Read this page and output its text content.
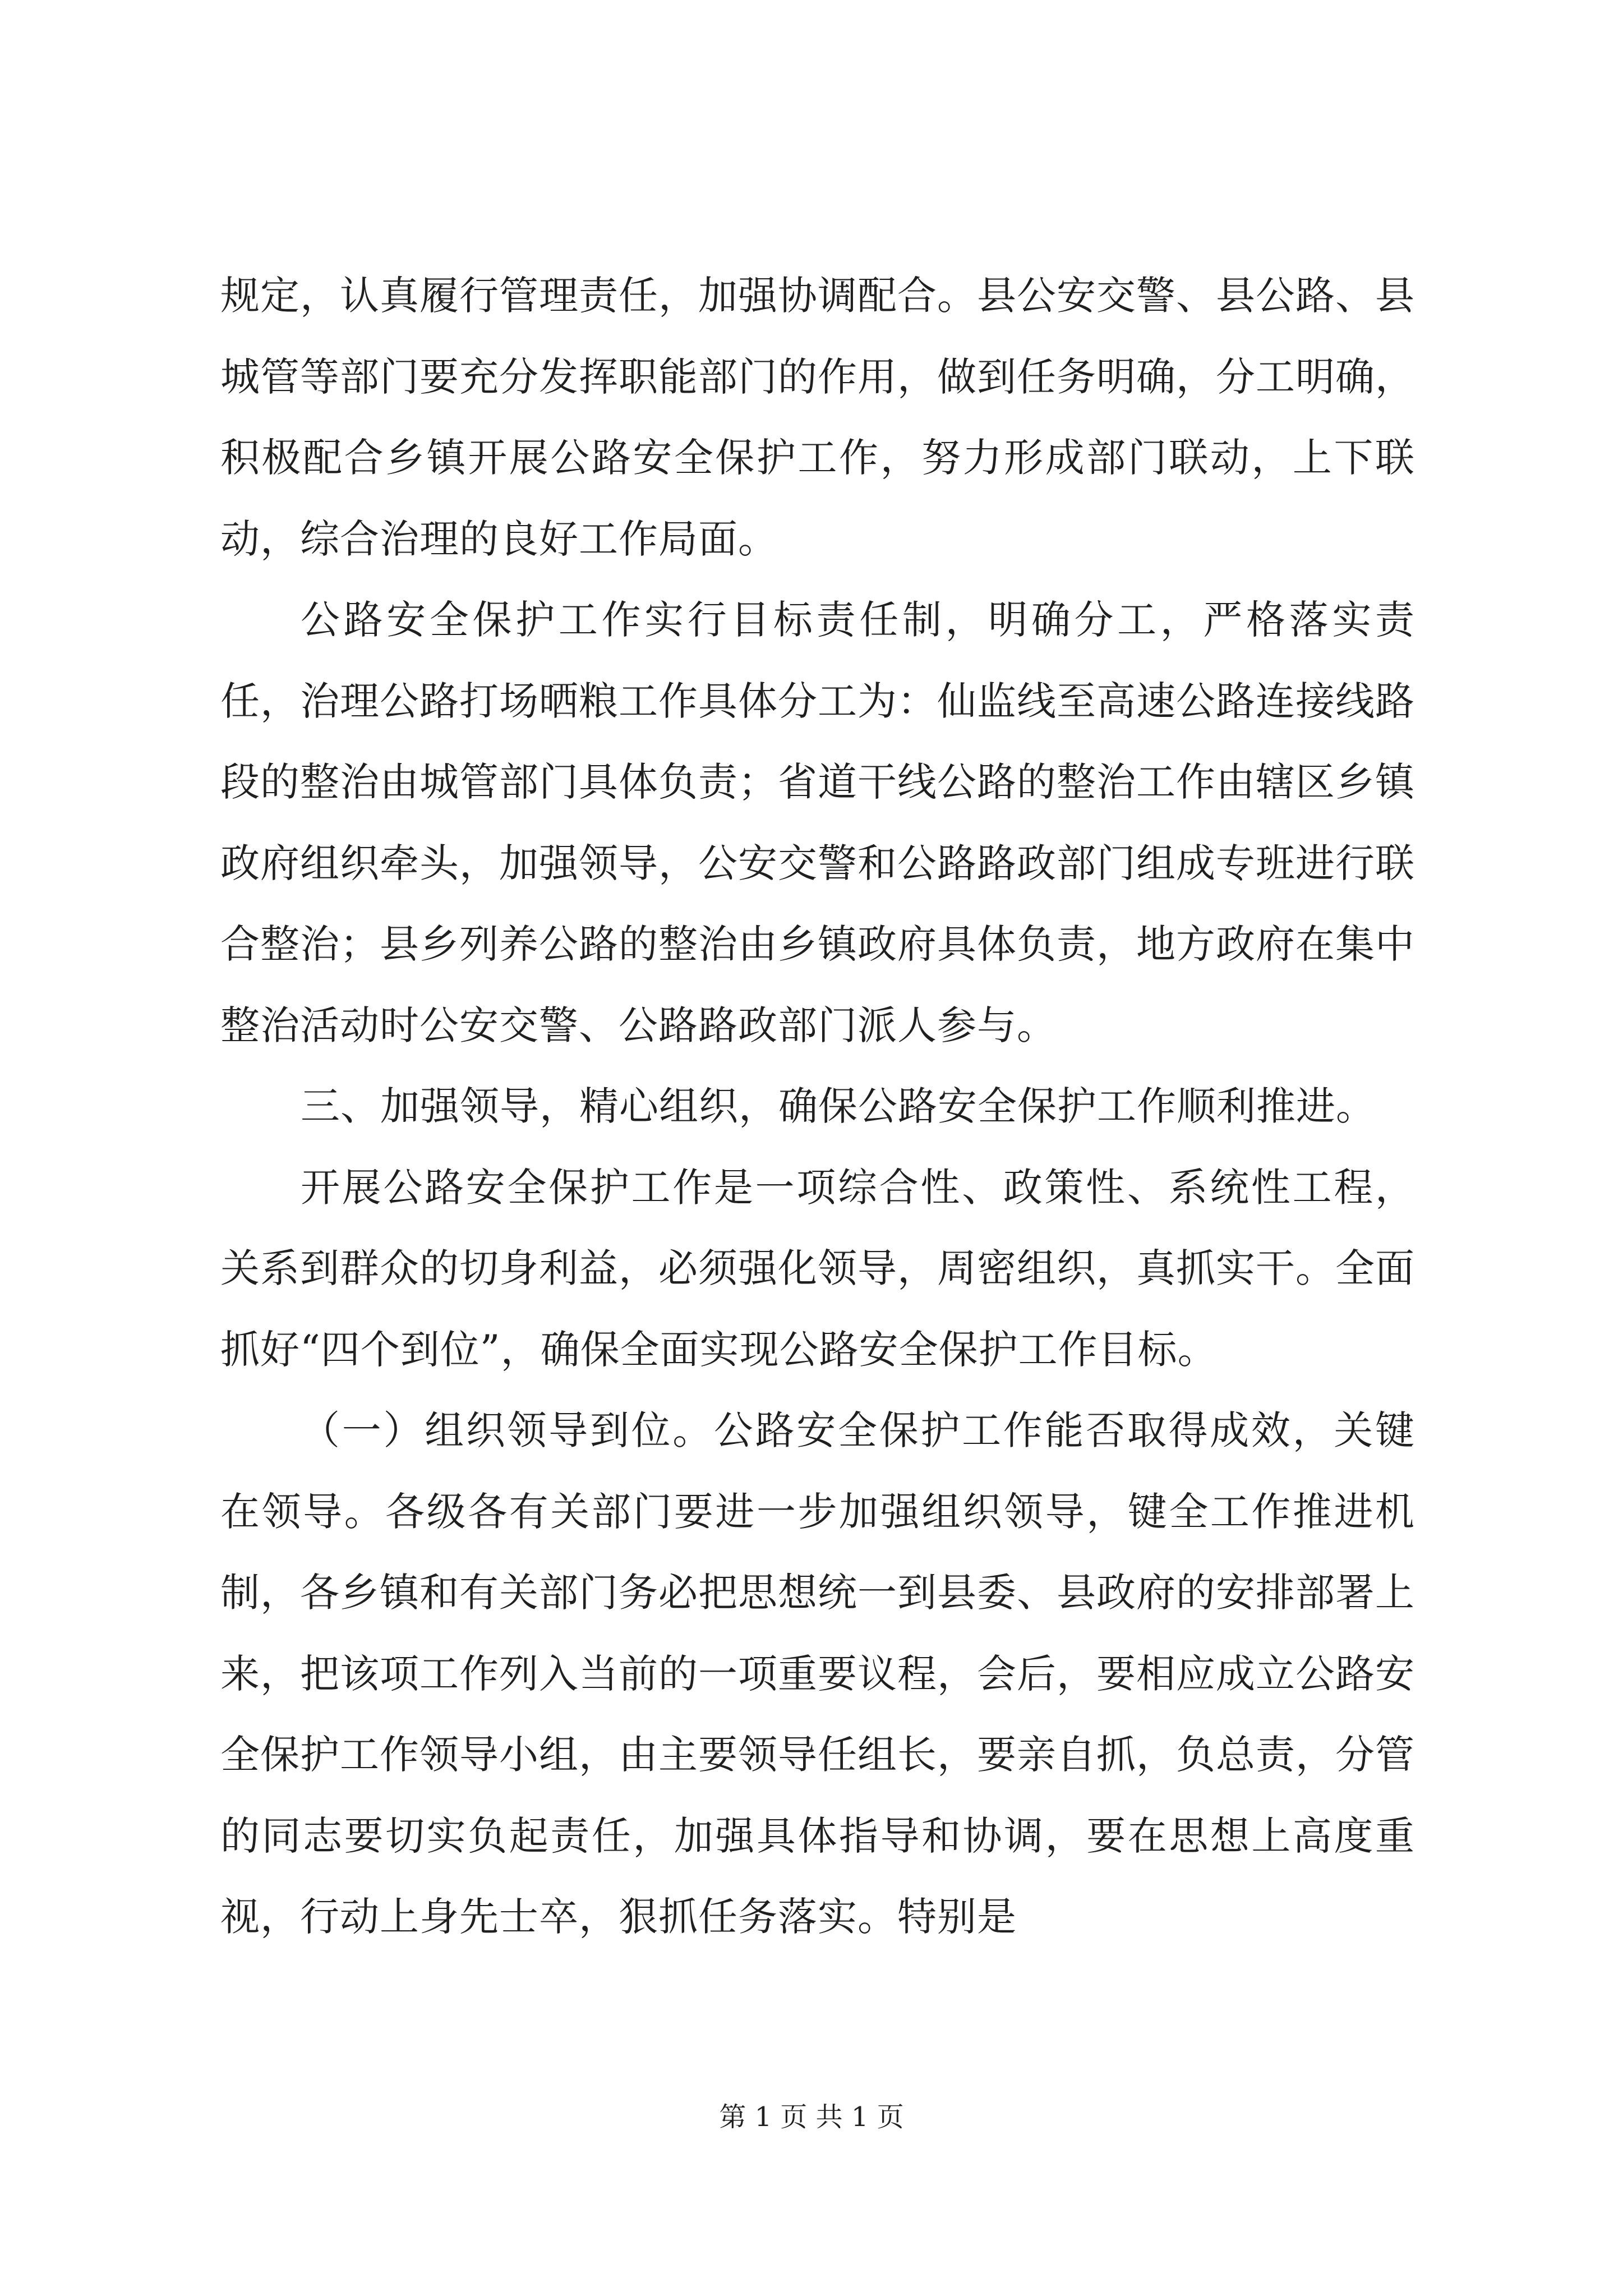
规定，认真履行管理责任，加强协调配合。县公安交警、县公路、县城管等部门要充分发挥职能部门的作用，做到任务明确，分工明确，积极配合乡镇开展公路安全保护工作，努力形成部门联动，上下联动，综合治理的良好工作局面。

公路安全保护工作实行目标责任制，明确分工，严格落实责任，治理公路打场晒粮工作具体分工为：仙监线至高速公路连接线路段的整治由城管部门具体负责；省道干线公路的整治工作由辖区乡镇政府组织牵头，加强领导，公安交警和公路路政部门组成专班进行联合整治；县乡列养公路的整治由乡镇政府具体负责，地方政府在集中整治活动时公安交警、公路路政部门派人参与。

三、加强领导，精心组织，确保公路安全保护工作顺利推进。

开展公路安全保护工作是一项综合性、政策性、系统性工程，关系到群众的切身利益，必须强化领导，周密组织，真抓实干。全面抓好“四个到位”，确保全面实现公路安全保护工作目标。

（一）组织领导到位。公路安全保护工作能否取得成效，关键在领导。各级各有关部门要进一步加强组织领导，键全工作推进机制，各乡镇和有关部门务必把思想统一到县委、县政府的安排部署上来，把该项工作列入当前的一项重要议程，会后，要相应成立公路安全保护工作领导小组，由主要领导任组长，要亲自抓，负总责，分管的同志要切实负起责任，加强具体指导和协调，要在思想上高度重视，行动上身先士卒，狠抓任务落实。特别是

第 1 页 共 1 页
